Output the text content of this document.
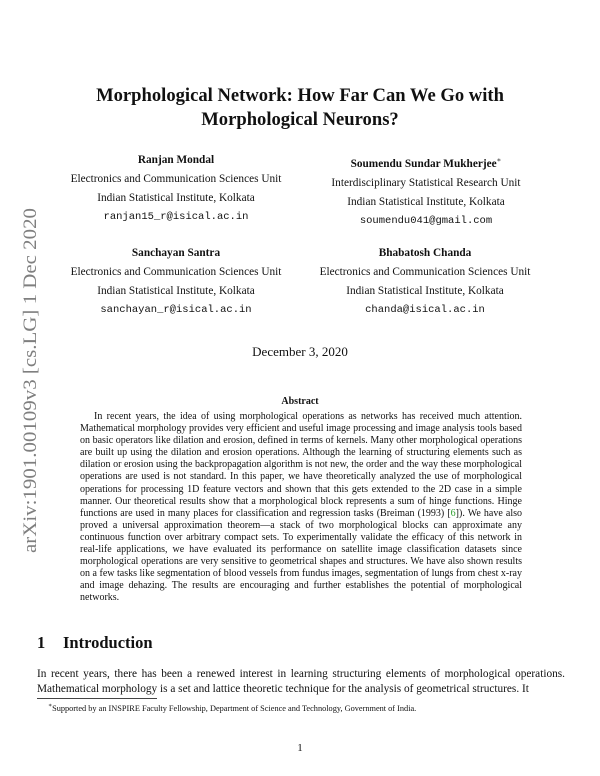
arXiv:1901.00109v3 [cs.LG] 1 Dec 2020
Morphological Network: How Far Can We Go with
Morphological Neurons?
Ranjan Mondal
Electronics and Communication Sciences Unit
Indian Statistical Institute, Kolkata
ranjan15_r@isical.ac.in
Soumendu Sundar Mukherjee∗
Interdisciplinary Statistical Research Unit
Indian Statistical Institute, Kolkata
soumendu041@gmail.com
Sanchayan Santra
Electronics and Communication Sciences Unit
Indian Statistical Institute, Kolkata
sanchayan_r@isical.ac.in
Bhabatosh Chanda
Electronics and Communication Sciences Unit
Indian Statistical Institute, Kolkata
chanda@isical.ac.in
December 3, 2020
Abstract
In recent years, the idea of using morphological operations as networks has received much attention. Mathematical morphology provides very efficient and useful image processing and image analysis tools based on basic operators like dilation and erosion, defined in terms of kernels. Many other morphological operations are built up using the dilation and erosion operations. Although the learning of structuring elements such as dilation or erosion using the backpropagation algorithm is not new, the order and the way these morphological operations are used is not standard. In this paper, we have theoretically analyzed the use of morphological operations for processing 1D feature vectors and shown that this gets extended to the 2D case in a simple manner. Our theoretical results show that a morphological block represents a sum of hinge functions. Hinge functions are used in many places for classification and regression tasks (Breiman (1993) [6]). We have also proved a universal approximation theorem—a stack of two morphological blocks can approximate any continuous function over arbitrary compact sets. To experimentally validate the efficacy of this network in real-life applications, we have evaluated its performance on satellite image classification datasets since morphological operations are very sensitive to geometrical shapes and structures. We have also shown results on a few tasks like segmentation of blood vessels from fundus images, segmentation of lungs from chest x-ray and image dehazing. The results are encouraging and further establishes the potential of morphological networks.
1 Introduction
In recent years, there has been a renewed interest in learning structuring elements of morphological operations. Mathematical morphology is a set and lattice theoretic technique for the analysis of geometrical structures. It
∗Supported by an INSPIRE Faculty Fellowship, Department of Science and Technology, Government of India.
1
